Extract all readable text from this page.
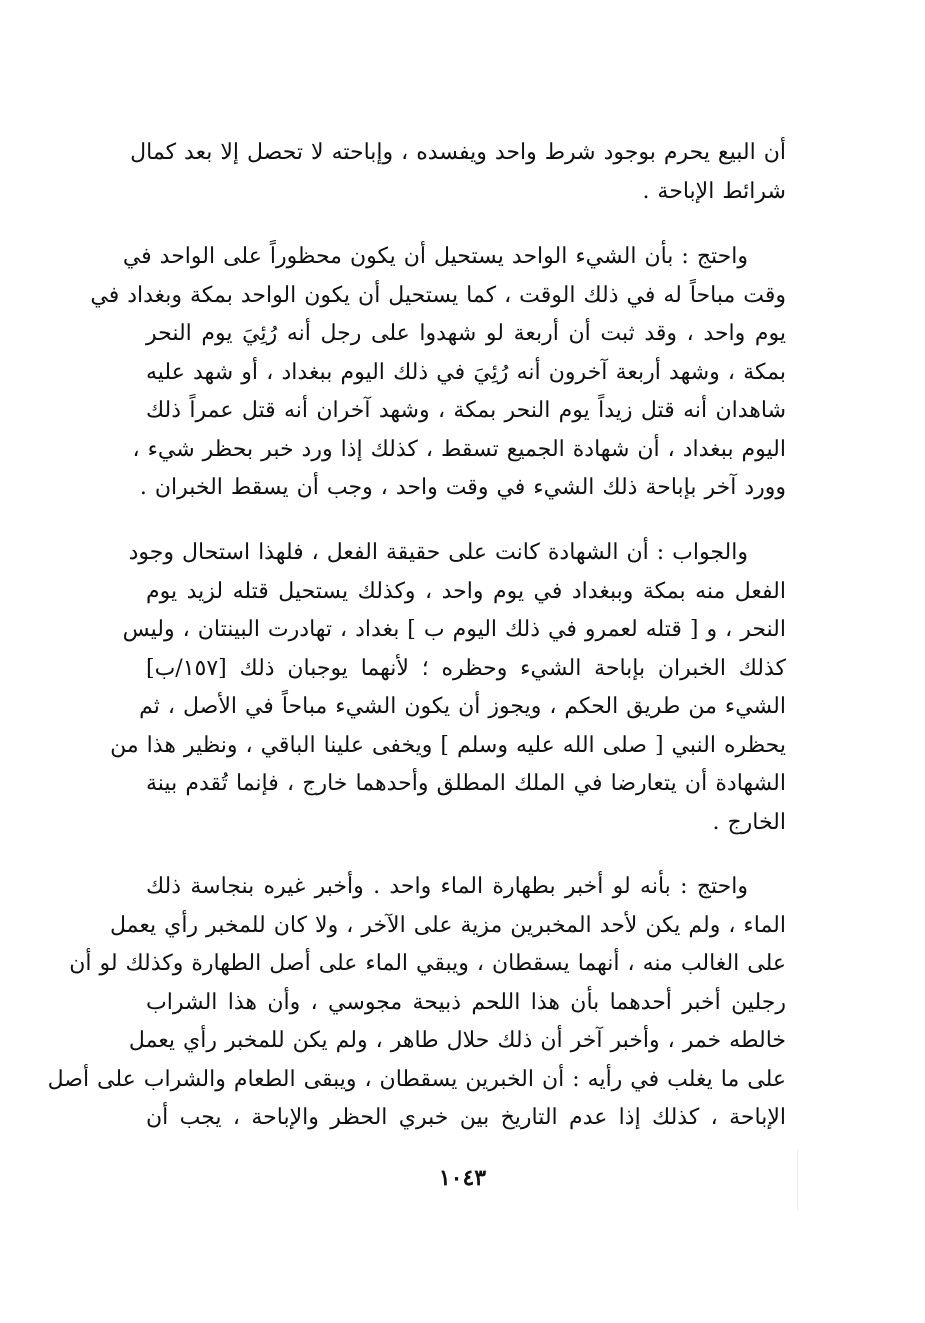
أن البيع يحرم بوجود شرط واحد ويفسده ، وإباحته لا تحصل إلا بعد كمال
شرائط الإباحة .
واحتج : بأن الشيء الواحد يستحيل أن يكون محظوراً على الواحد في
وقت مباحاً له في ذلك الوقت ، كما يستحيل أن يكون الواحد بمكة وبغداد في
يوم واحد ، وقد ثبت أن أربعة لو شهدوا على رجل أنه رُئِيَ يوم النحر
بمكة ، وشهد أربعة آخرون أنه رُئِيَ في ذلك اليوم ببغداد ، أو شهد عليه
شاهدان أنه قتل زيداً يوم النحر بمكة ، وشهد آخران أنه قتل عمراً ذلك
اليوم ببغداد ، أن شهادة الجميع تسقط ، كذلك إذا ورد خبر بحظر شيء ،
وورد آخر بإباحة ذلك الشيء في وقت واحد ، وجب أن يسقط الخبران .
والجواب : أن الشهادة كانت على حقيقة الفعل ، فلهذا استحال وجود
الفعل منه بمكة وببغداد في يوم واحد ، وكذلك يستحيل قتله لزيد يوم
النحر ، و [ قتله لعمرو في ذلك اليوم ب ] بغداد ، تهادرت البينتان ، وليس
كذلك الخبران بإباحة الشيء وحظره ؛ لأنهما يوجبان ذلك [١٥٧/ب]
الشيء من طريق الحكم ، ويجوز أن يكون الشيء مباحاً في الأصل ، ثم
يحظره النبي [ صلى الله عليه وسلم ] ويخفى علينا الباقي ، ونظير هذا من
الشهادة أن يتعارضا في الملك المطلق وأحدهما خارج ، فإنما تُقدم بينة
الخارج .
واحتج : بأنه لو أخبر بطهارة الماء واحد . وأخبر غيره بنجاسة ذلك
الماء ، ولم يكن لأحد المخبرين مزية على الآخر ، ولا كان للمخبر رأي يعمل
على الغالب منه ، أنهما يسقطان ، ويبقي الماء على أصل الطهارة وكذلك لو أن
رجلين أخبر أحدهما بأن هذا اللحم ذبيحة مجوسي ، وأن هذا الشراب
خالطه خمر ، وأخبر آخر أن ذلك حلال طاهر ، ولم يكن للمخبر رأي يعمل
على ما يغلب في رأيه : أن الخبرين يسقطان ، ويبقى الطعام والشراب على أصل
الإباحة ، كذلك إذا عدم التاريخ بين خبري الحظر والإباحة ، يجب أن
١٠٤٣
